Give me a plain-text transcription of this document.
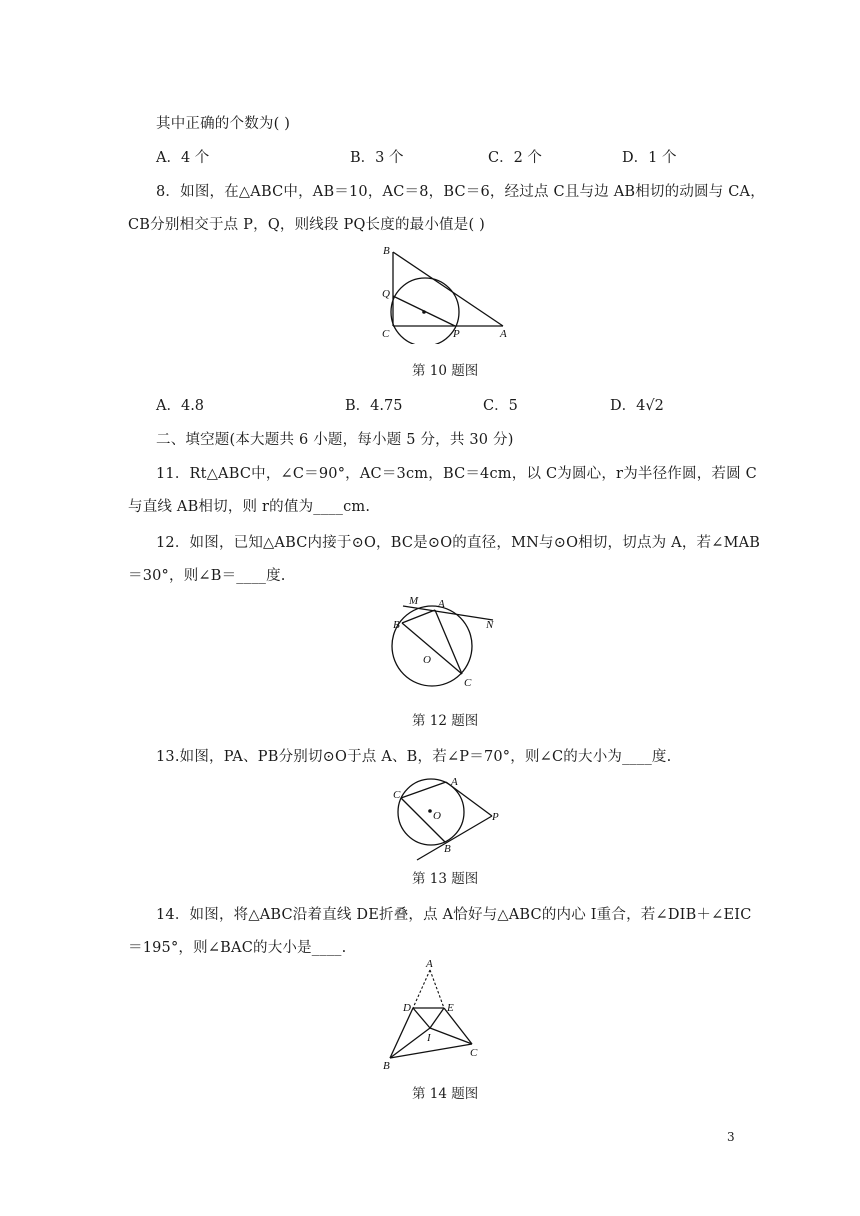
其中正确的个数为( )
A．4 个	B．3 个	C．2 个	D．1 个
8．如图，在△ABC中，AB＝10，AC＝8，BC＝6，经过点 C且与边 AB相切的动圆与 CA，
CB分别相交于点 P，Q，则线段 PQ长度的最小值是( )
B
Q
C	P	A
第 10 题图
A．4.8	B．4.75	C．5	D．4√2
二、填空题(本大题共 6 小题，每小题 5 分，共 30 分)
11．Rt△ABC中，∠C＝90°，AC＝3cm，BC＝4cm，以 C为圆心，r为半径作圆，若圆 C
与直线 AB相切，则 r的值为____cm.
12．如图，已知△ABC内接于⊙O，BC是⊙O的直径，MN与⊙O相切，切点为 A，若∠MAB
＝30°，则∠B＝____度.
M A
N
B
O
C
第 12 题图
13.如图，PA、PB分别切⊙O于点 A、B，若∠P＝70°，则∠C的大小为____度.
C
A
O	P
B
第 13 题图
14．如图，将△ABC沿着直线 DE折叠，点 A恰好与△ABC的内心 I重合，若∠DIB＋∠EIC
＝195°，则∠BAC的大小是____.
A
D	E
I
B
C
第 14 题图
3
